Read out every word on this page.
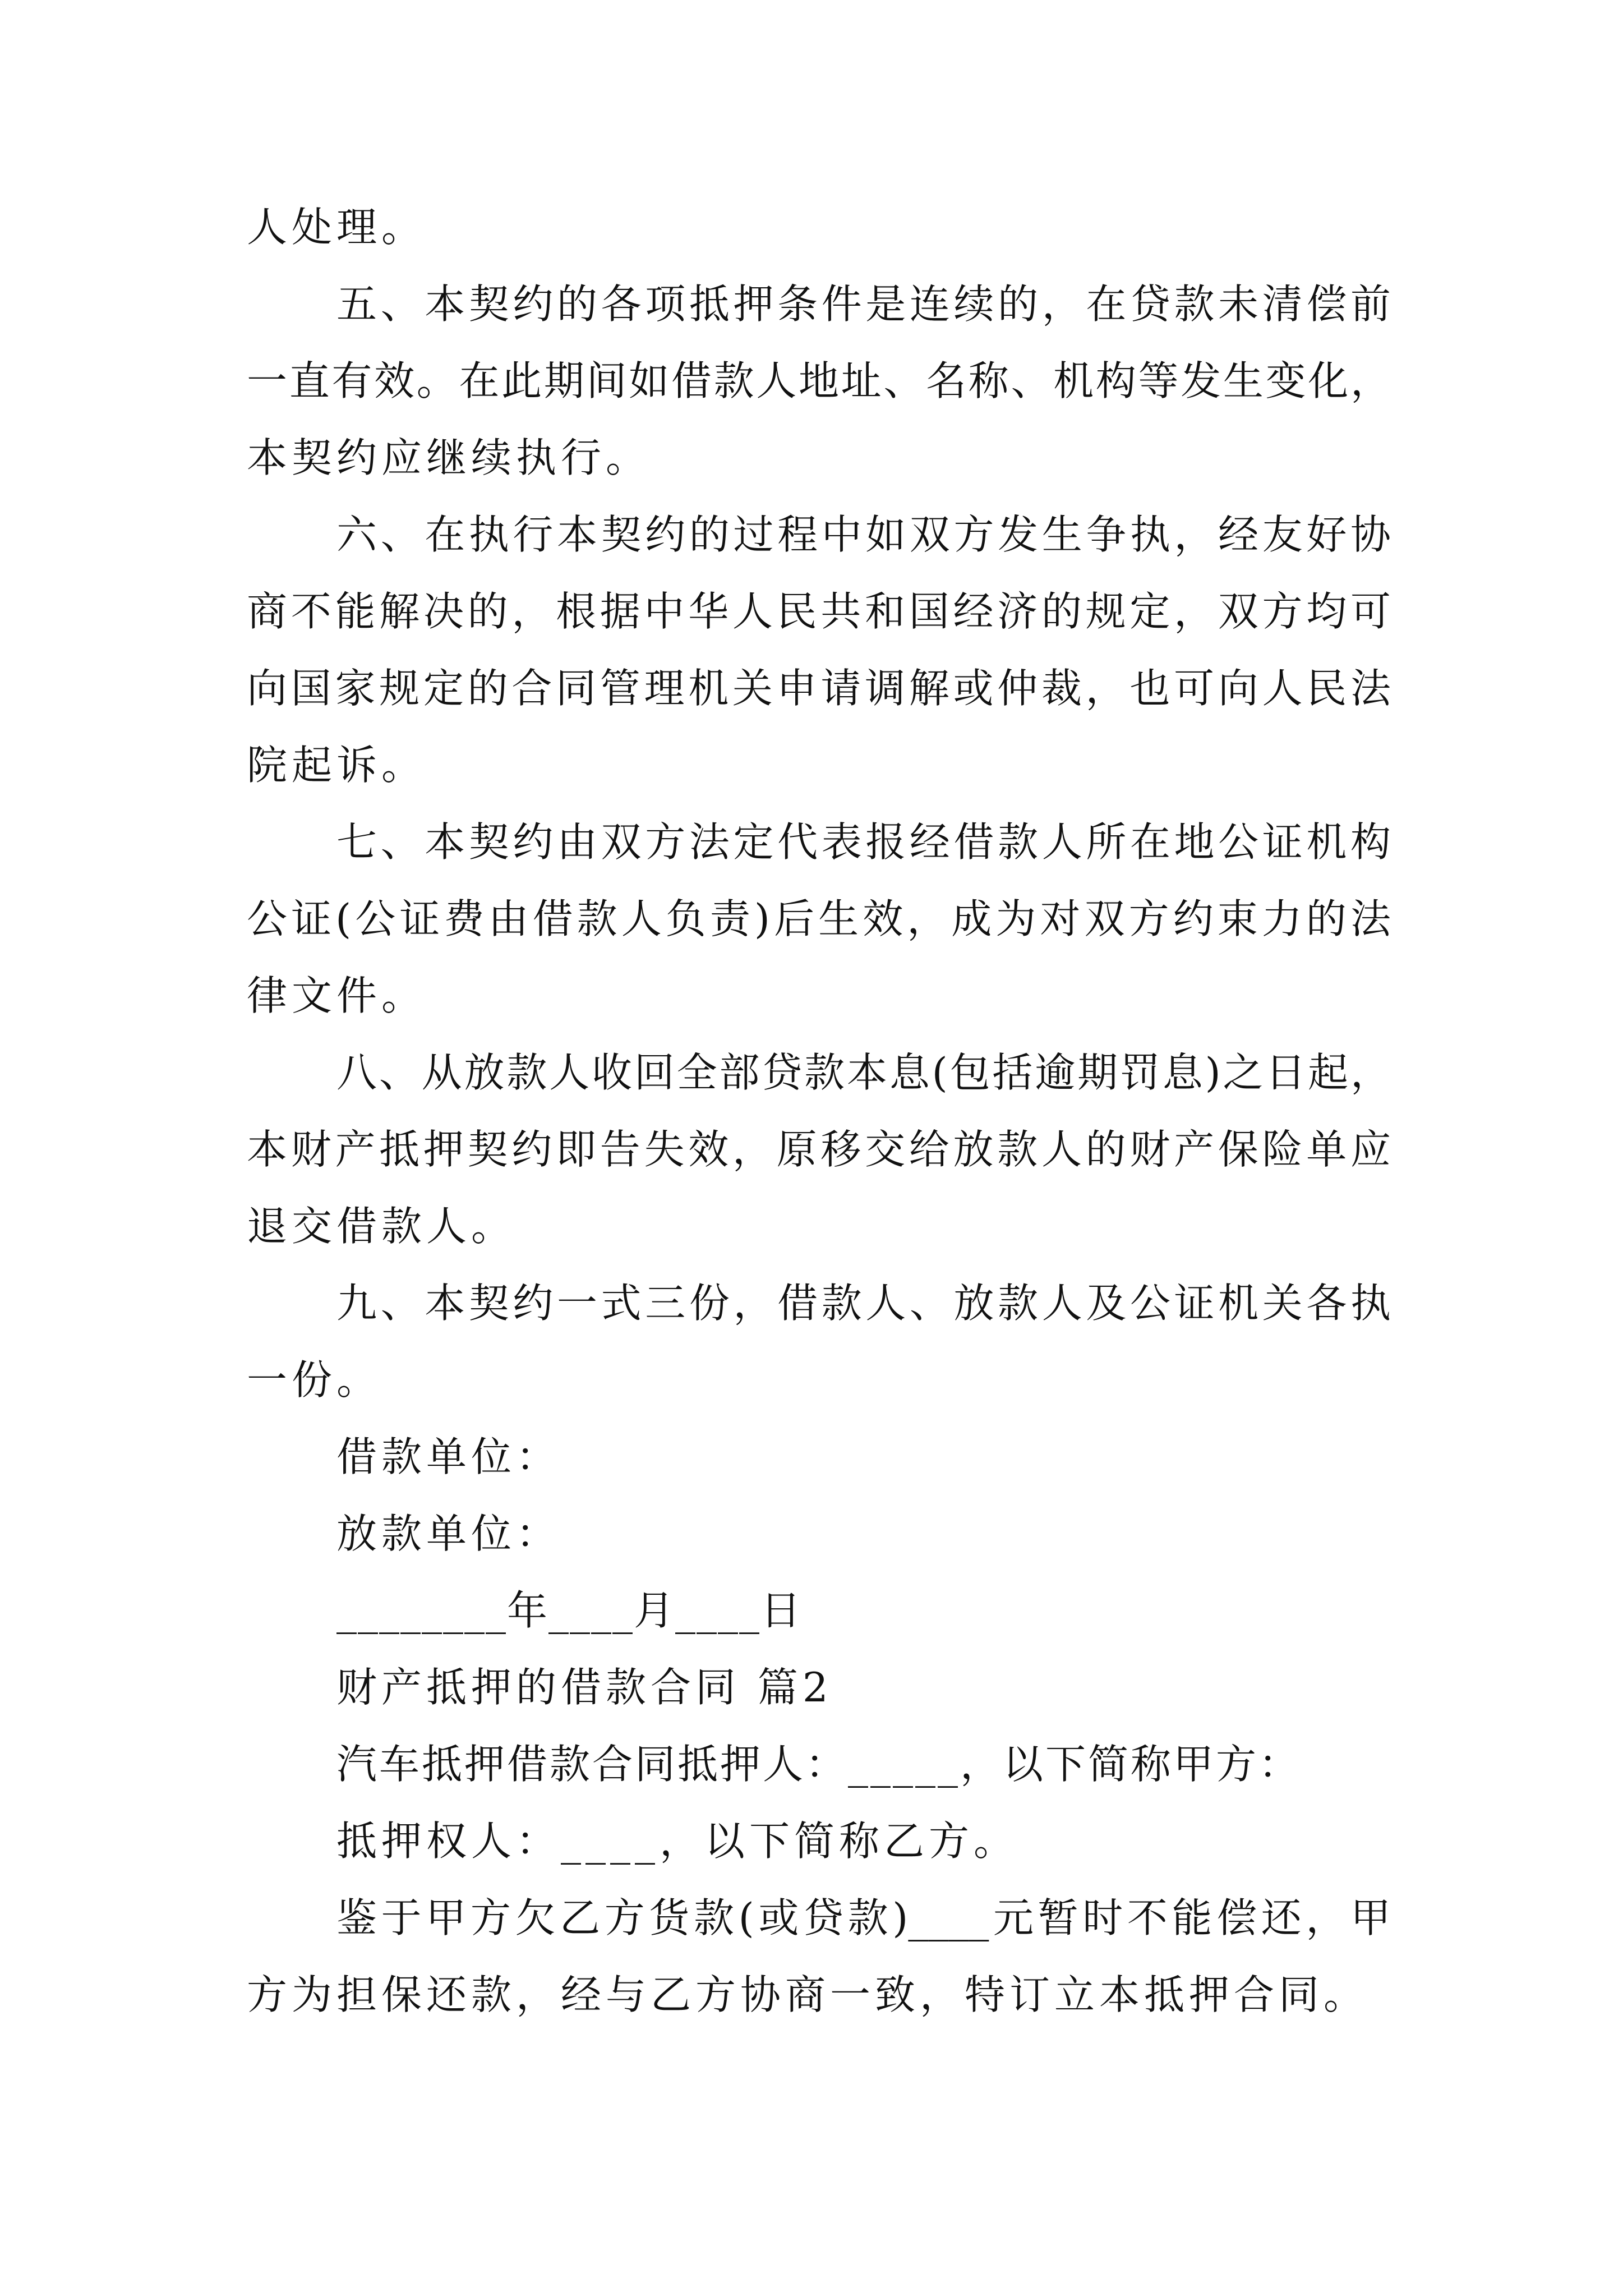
人处理。
五、本契约的各项抵押条件是连续的，在贷款未清偿前
一直有效。在此期间如借款人地址、名称、机构等发生变化，
本契约应继续执行。
六、在执行本契约的过程中如双方发生争执，经友好协
商不能解决的，根据中华人民共和国经济的规定，双方均可
向国家规定的合同管理机关申请调解或仲裁，也可向人民法
院起诉。
七、本契约由双方法定代表报经借款人所在地公证机构
公证(公证费由借款人负责)后生效，成为对双方约束力的法
律文件。
八、从放款人收回全部贷款本息(包括逾期罚息)之日起，
本财产抵押契约即告失效，原移交给放款人的财产保险单应
退交借款人。
九、本契约一式三份，借款人、放款人及公证机关各执
一份。
借款单位：
放款单位：
________年____月____日
财产抵押的借款合同 篇2
汽车抵押借款合同抵押人：_____，以下简称甲方：
抵押权人：____，以下简称乙方。
鉴于甲方欠乙方货款(或贷款)____元暂时不能偿还，甲
方为担保还款，经与乙方协商一致，特订立本抵押合同。
